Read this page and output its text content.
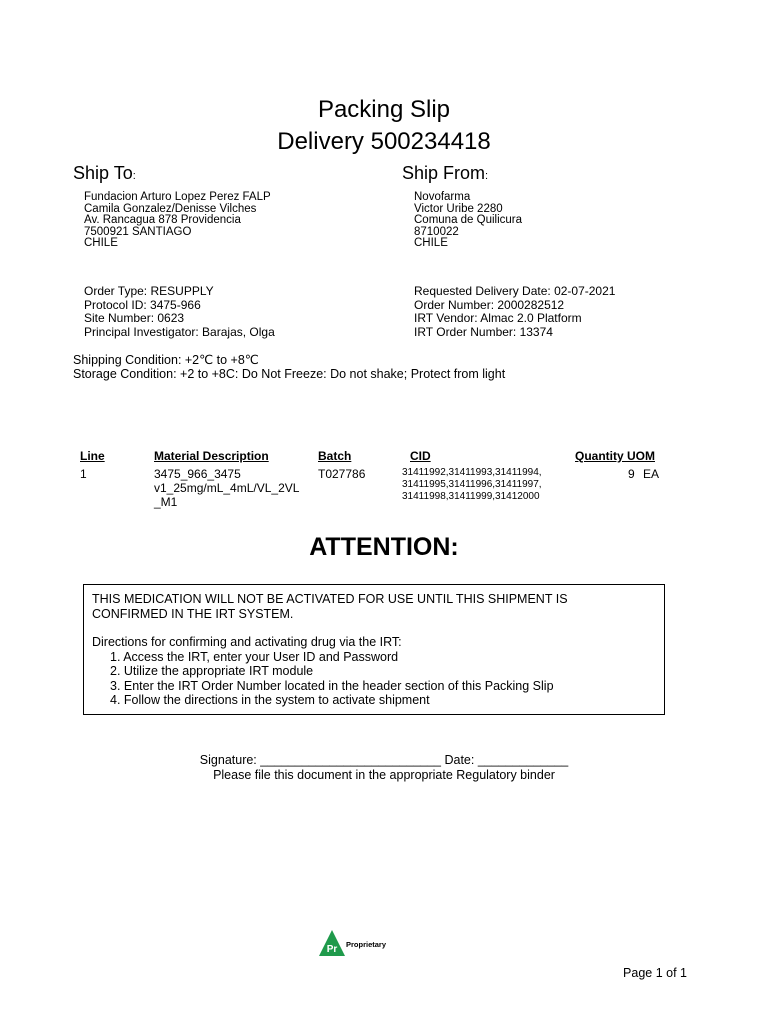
Packing Slip
Delivery 500234418
Ship To:	Ship From:
Fundacion Arturo Lopez Perez FALP
Camila Gonzalez/Denisse Vilches
Av. Rancagua 878 Providencia
7500921 SANTIAGO
CHILE
Novofarma
Victor Uribe 2280
Comuna de Quilicura
8710022
CHILE
Order Type: RESUPPLY
Protocol ID: 3475-966
Site Number: 0623
Principal Investigator: Barajas, Olga
Requested Delivery Date: 02-07-2021
Order Number: 2000282512
IRT Vendor: Almac 2.0 Platform
IRT Order Number: 13374
Shipping Condition: +2℃ to +8℃
Storage Condition: +2 to +8C: Do Not Freeze: Do not shake; Protect from light
Line	Material Description	Batch	CID	Quantity UOM
1	3475_966_3475
v1_25mg/mL_4mL/VL_2VL
_M1
T027786	31411992,31411993,31411994,
31411995,31411996,31411997,
31411998,31411999,31412000
9 EA
ATTENTION:
THIS MEDICATION WILL NOT BE ACTIVATED FOR USE UNTIL THIS SHIPMENT IS
CONFIRMED IN THE IRT SYSTEM.
Directions for confirming and activating drug via the IRT:
1. Access the IRT, enter your User ID and Password
2. Utilize the appropriate IRT module
3. Enter the IRT Order Number located in the header section of this Packing Slip
4. Follow the directions in the system to activate shipment
Signature: __________________________ Date: _____________
Please file this document in the appropriate Regulatory binder
Pr Proprietary
Page 1 of 1
